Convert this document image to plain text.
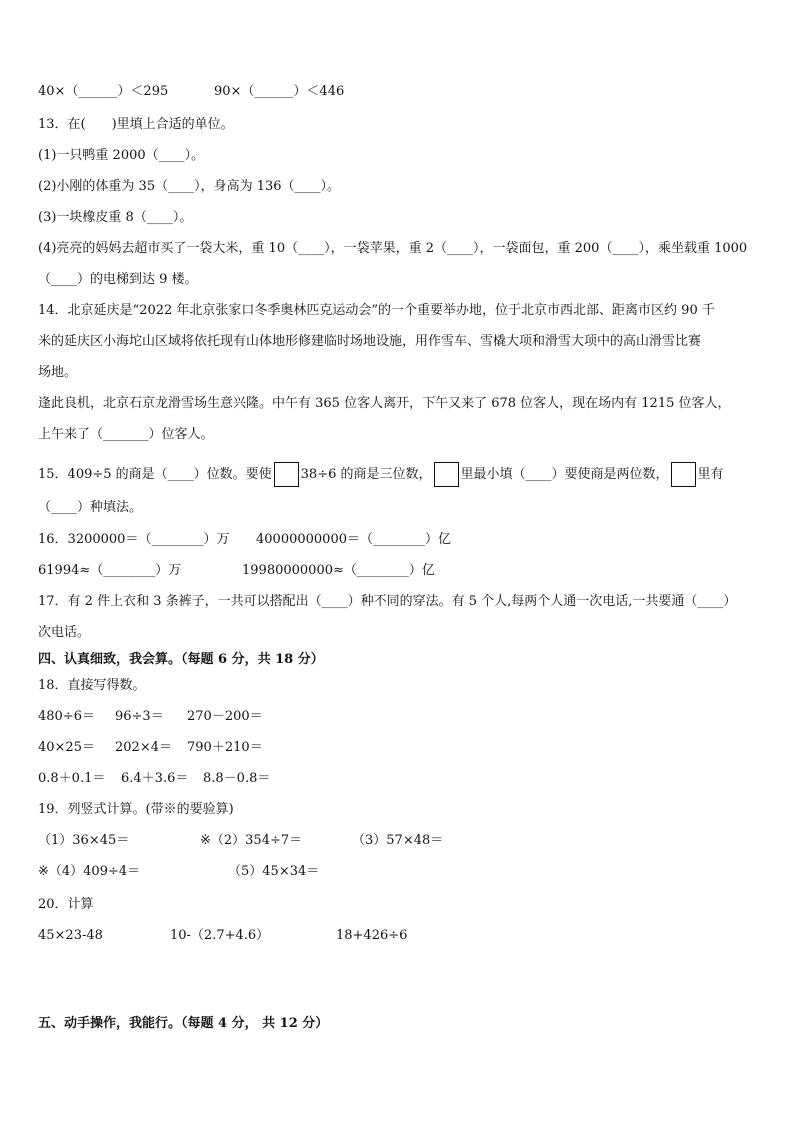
40×（______）＜295	90×（______）＜446
13．在(　　)里填上合适的单位。
(1)一只鸭重 2000（____）。
(2)小刚的体重为 35（____），身高为 136（____）。
(3)一块橡皮重 8（____）。
(4)亮亮的妈妈去超市买了一袋大米，重 10（____），一袋苹果，重 2（____），一袋面包，重 200（____），乘坐载重 1000
（____）的电梯到达 9 楼。
14．北京延庆是“2022 年北京张家口冬季奥林匹克运动会”的一个重要举办地，位于北京市西北部、距离市区约 90 千
米的延庆区小海坨山区域将依托现有山体地形修建临时场地设施，用作雪车、雪橇大项和滑雪大项中的高山滑雪比赛
场地。
逢此良机，北京石京龙滑雪场生意兴隆。中午有 365 位客人离开，下午又来了 678 位客人，现在场内有 1215 位客人，
上午来了（_______）位客人。
15．409÷5 的商是（____）位数。要使 38÷6 的商是三位数， 里最小填（____）要使商是两位数， 里有
（____）种填法。
16．3200000＝（________）万 40000000000＝（________）亿
61994≈（________）万	19980000000≈（________）亿
17．有 2 件上衣和 3 条裤子，一共可以搭配出（____）种不同的穿法。有 5 个人,每两个人通一次电话,一共要通（____）
次电话。
四、认真细致，我会算。（每题 6 分，共 18 分）
18．直接写得数。
480÷6＝ 96÷3＝ 270－200＝
40×25＝ 202×4＝ 790＋210＝
0.8＋0.1＝ 6.4＋3.6＝ 8.8－0.8＝
19．列竖式计算。(带※的要验算)
（1）36×45＝	※（2）354÷7＝	（3）57×48＝
※（4）409÷4＝	（5）45×34＝
20．计算
45×23-48	10-（2.7+4.6）	18+426÷6
五、动手操作，我能行。（每题 4 分， 共 12 分）
